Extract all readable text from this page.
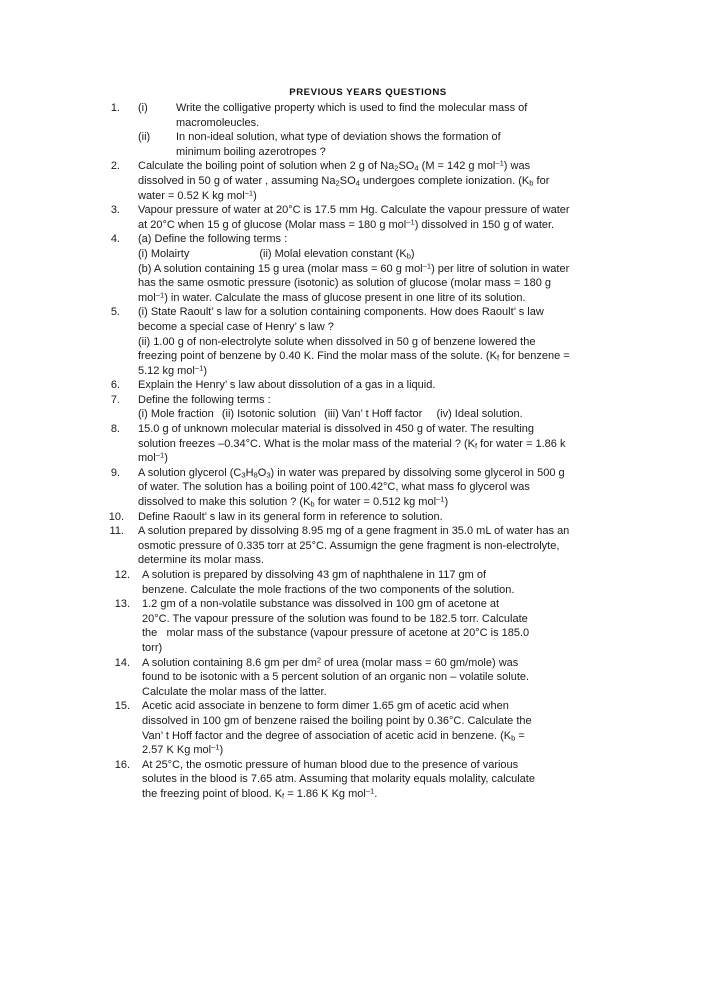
PREVIOUS YEARS QUESTIONS
1. (i)	Write the colligative property which is used to find the molecular mass of
macromoleucles.
(ii)	In non-ideal solution, what type of deviation shows the formation of
minimum boiling azerotropes ?
2. Calculate the boiling point of solution when 2 g of $Na_2SO_4$ (M = 142 g mol$^{-1}$) was
dissolved in 50 g of water , assuming $Na_2SO_4$ undergoes complete ionization. ($K_b$ for
water = 0.52 K kg mol$^{-1}$)
3. Vapour pressure of water at 20°C is 17.5 mm Hg. Calculate the vapour pressure of water
at 20°C when 15 g of glucose (Molar mass = 180 g mol$^{-1}$) dissolved in 150 g of water.
4. (a) Define the following terms :
(i) Molairty	(ii) Molal elevation constant $(K_b)$
(b) A solution containing 15 g urea (molar mass = 60 g mol$^{-1}$) per litre of solution in water
has the same osmotic pressure (isotonic) as solution of glucose (molar mass = 180 g
mol$^{-1}$) in water. Calculate the mass of glucose present in one litre of its solution.
5. (i) State Raoult’ s law for a solution containing components. How does Raoult’ s law
become a special case of Henry’ s law ?
(ii) 1.00 g of non-electrolyte solute when dissolved in 50 g of benzene lowered the
freezing point of benzene by 0.40 K. Find the molar mass of the solute. ($K_f$ for benzene =
5.12 kg mol$^{-1}$)
6. Explain the Henry’ s law about dissolution of a gas in a liquid.
7. Define the following terms :
(i) Mole fraction (ii) Isotonic solution (iii) Van’ t Hoff factor   (iv) Ideal solution.
8. 15.0 g of unknown molecular material is dissolved in 450 g of water. The resulting
solution freezes –0.34°C. What is the molar mass of the material ? ($K_f$ for water = 1.86 k
mol$^{-1}$)
9. A solution glycerol $(C_3H_8O_3)$ in water was prepared by dissolving some glycerol in 500 g
of water. The solution has a boiling point of 100.42°C, what mass fo glycerol was
dissolved to make this solution ? ($K_b$ for water = 0.512 kg mol$^{-1}$)
10. Define Raoult’ s law in its general form in reference to solution.
11. A solution prepared by dissolving 8.95 mg of a gene fragment in 35.0 mL of water has an
osmotic pressure of 0.335 torr at 25°C. Assumign the gene fragment is non-electrolyte,
determine its molar mass.
12. A solution is prepared by dissolving 43 gm of naphthalene in 117 gm of
benzene. Calculate the mole fractions of the two components of the solution.
13. 1.2 gm of a non-volatile substance was dissolved in 100 gm of acetone at
20°C. The vapour pressure of the solution was found to be 182.5 torr. Calculate
the   molar mass of the substance (vapour pressure of acetone at 20°C is 185.0
torr)
14. A solution containing 8.6 gm per $dm^2$ of urea (molar mass = 60 gm/mole) was
found to be isotonic with a 5 percent solution of an organic non – volatile solute.
Calculate the molar mass of the latter.
15. Acetic acid associate in benzene to form dimer 1.65 gm of acetic acid when
dissolved in 100 gm of benzene raised the boiling point by 0.36°C. Calculate the
Van’ t Hoff factor and the degree of association of acetic acid in benzene. ($K_b$ =
2.57 K Kg mol$^{-1}$)
16. At 25°C, the osmotic pressure of human blood due to the presence of various
solutes in the blood is 7.65 atm. Assuming that molarity equals molality, calculate
the freezing point of blood. $K_f = 1.86$ K Kg mol$^{-1}$.
